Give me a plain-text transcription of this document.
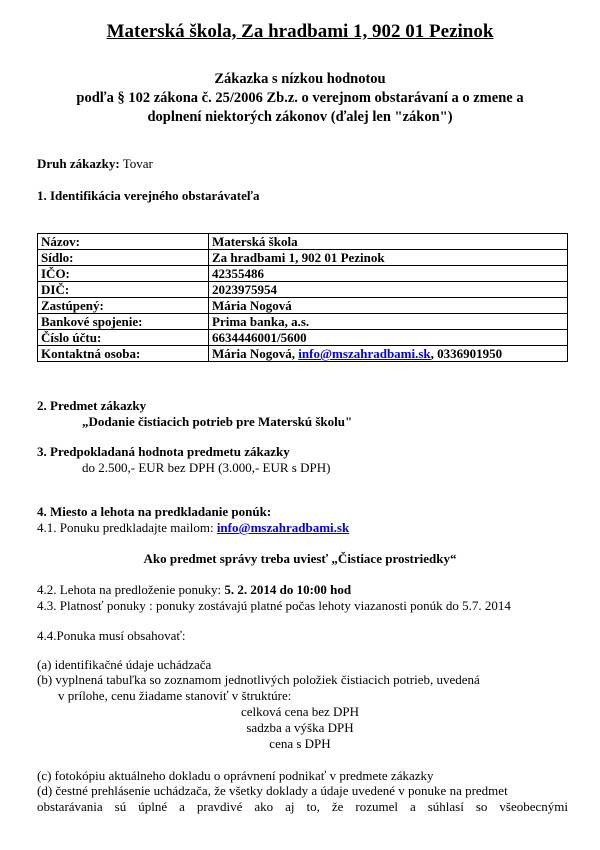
Materská škola, Za hradbami 1, 902 01 Pezinok
Zákazka s nízkou hodnotou
podľa § 102 zákona č. 25/2006 Zb.z. o verejnom obstarávaní a o zmene a
doplnení niektorých zákonov (ďalej len "zákon")
Druh zákazky: Tovar
1. Identifikácia verejného obstarávateľa
Názov:	Materská škola
Sídlo:	Za hradbami 1, 902 01 Pezinok
IČO:	42355486
DIČ:	2023975954
Zastúpený:	Mária Nogová
Bankové spojenie:	Prima banka, a.s.
Číslo účtu:	6634446001/5600
Kontaktná osoba:	Mária Nogová, info@mszahradbami.sk, 0336901950
2. Predmet zákazky
„Dodanie čistiacich potrieb pre Materskú školu"
3. Predpokladaná hodnota predmetu zákazky
do 2.500,- EUR bez DPH (3.000,- EUR s DPH)
4. Miesto a lehota na predkladanie ponúk:
4.1. Ponuku predkladajte mailom: info@mszahradbami.sk
Ako predmet správy treba uviesť „Čistiace prostriedky“
4.2. Lehota na predloženie ponuky: 5. 2. 2014 do 10:00 hod
4.3. Platnosť ponuky : ponuky zostávajú platné počas lehoty viazanosti ponúk do 5.7. 2014
4.4.Ponuka musí obsahovať:
(a) identifikačné údaje uchádzača
(b) vyplnená tabuľka so zoznamom jednotlivých položiek čistiacich potrieb, uvedená
v prílohe, cenu žiadame stanoviť v štruktúre:
celková cena bez DPH
sadzba a výška DPH
cena s DPH
(c) fotokópiu aktuálneho dokladu o oprávnení podnikať v predmete zákazky
(d) čestné prehlásenie uchádzača, že všetky doklady a údaje uvedené v ponuke na predmet
obstarávania sú úplné a pravdivé ako aj to, že rozumel a súhlasí so všeobecnými
